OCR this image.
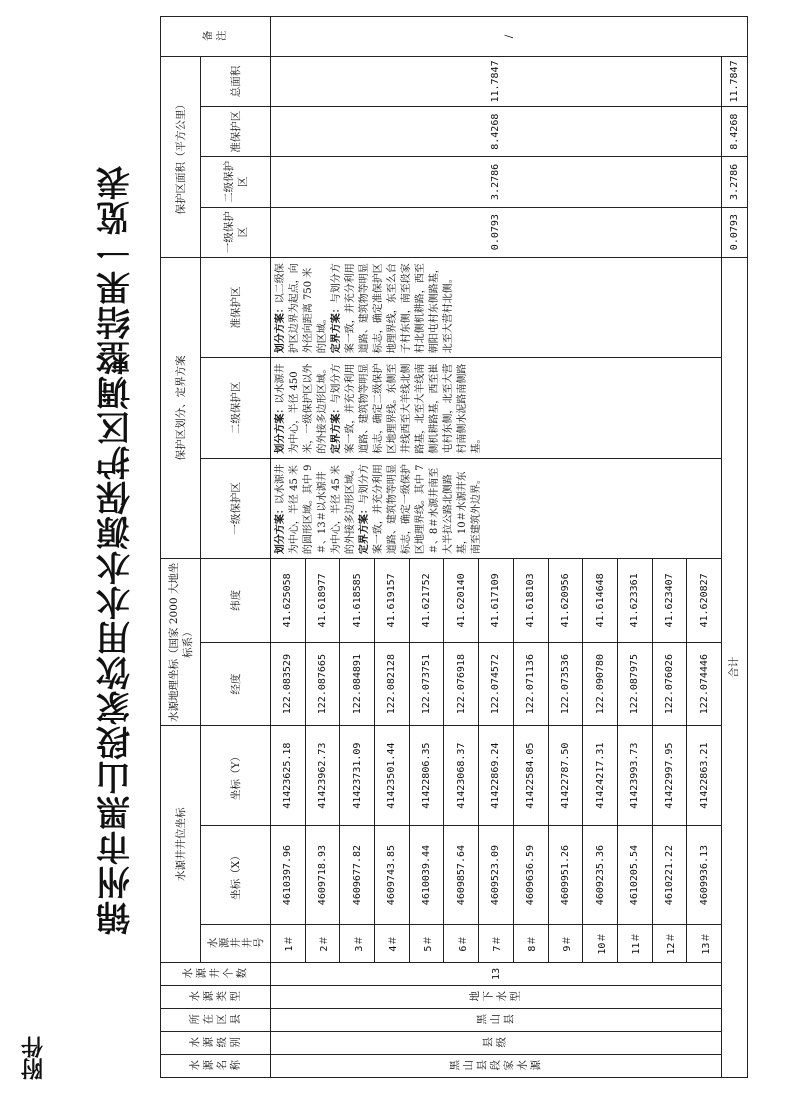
附件
锦州市黑山段家饮用水水源保护区调整结果一览表
水源名称	水源级别	所在区县	水源类型	水源井个数	水源井井位坐标			水源地理坐标（国家 2000 大地坐标系）		保护区划分、定界方案			保护区面积（平方公里）				备注

					水源井井号	坐标（X）	坐标（Y）	经度	纬度	一级保护区	二级保护区	准保护区	一级保护区	二级保护区	准保护区	总面积	

黑山县段家水源	县级	黑山县	地下水型	13	1＃	4610397.96	41423625.18	122.083529	41.625058	划分方案：以水源井为中心，半径 45 米的圆形区域。其中 9＃、13＃以水源井为中心，半径 45 米的外接多边形区域。 定界方案：与划分方案一致，并充分利用道路、建筑物等明显标志，确定一级保护区地理界线。其中 7＃、8＃水源井南至大半拉公路北侧路基，10＃水源井东南至建筑外边界。	划分方案：以水源井为中心，半径 450 米，一级保护区以外的外接多边形区域。 定界方案：与划分方案一致，并充分利用道路、建筑物等明显标志，确定二级保护区地理界线。东侧至井线西至大羊线北侧路基，北至大羊线南侧机耕路基，西至崔屯村东侧，北至大营村南侧水泥路南侧路基。	划分方案：以二级保护区边界为起点，向外径向距离 750 米的区域。 定界方案：与划分方案一致，并充分利用道路、建筑物等明显标志，确定准保护区地理界线，东至么台子村东侧，南至段家村北侧机耕路，西至朝阳屯村东侧路基，北至大营村北侧。	0.0793	3.2786	8.4268	11.7847	/
					2＃	4609718.93	41423962.73	122.087665	41.618977								
					3＃	4609677.82	41423731.09	122.084891	41.618585								
					4＃	4609743.85	41423501.44	122.082128	41.619157								
					5＃	4610039.44	41422806.35	122.073751	41.621752								
					6＃	4609857.64	41423068.37	122.076918	41.620140								
					7＃	4609523.09	41422869.24	122.074572	41.617109								
					8＃	4609636.59	41422584.05	122.071136	41.618103								
					9＃	4609951.26	41422787.50	122.073536	41.620956								
					10＃	4609235.36	41424217.31	122.090780	41.614648								
					11＃	4610205.54	41423993.73	122.087975	41.623361								
					12＃	4610221.22	41422997.95	122.076026	41.623407								
					13＃	4609936.13	41422863.21	122.074446	41.620827								
合计													0.0793	3.2786	8.4268	11.7847	
